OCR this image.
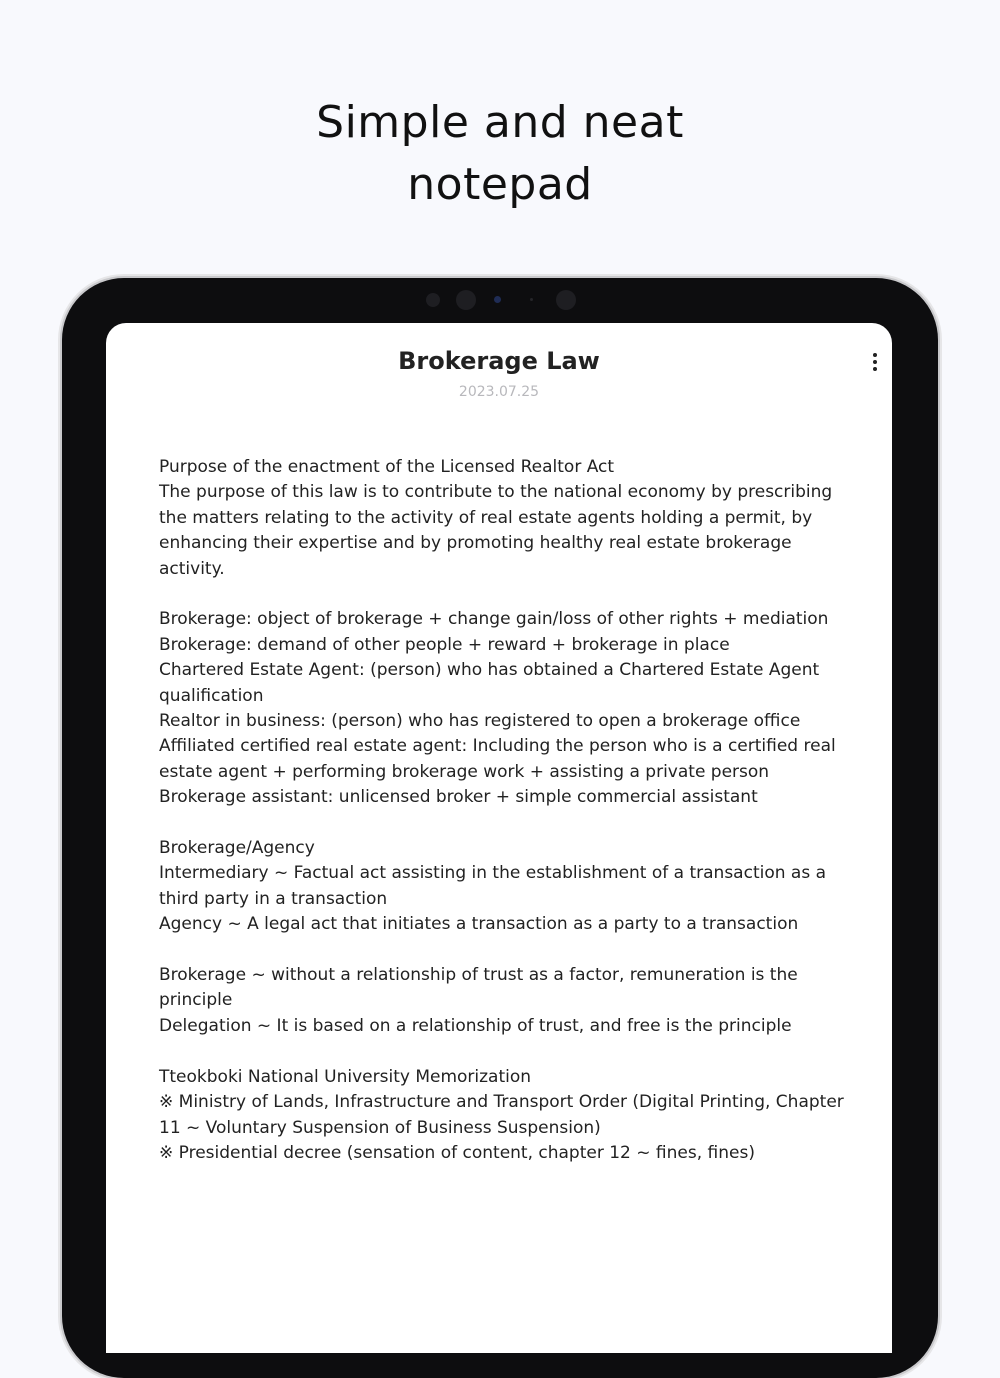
Simple and neat
notepad
Brokerage Law
2023.07.25

Purpose of the enactment of the Licensed Realtor Act

The purpose of this law is to contribute to the national economy by prescribing the matters relating to the activity of real estate agents holding a permit, by enhancing their expertise and by promoting healthy real estate brokerage activity.

Brokerage: object of brokerage + change gain/loss of other rights + mediation

Brokerage: demand of other people + reward + brokerage in place

Chartered Estate Agent: (person) who has obtained a Chartered Estate Agent qualification

Realtor in business: (person) who has registered to open a brokerage office

Affiliated certified real estate agent: Including the person who is a certified real estate agent + performing brokerage work + assisting a private person

Brokerage assistant: unlicensed broker + simple commercial assistant

Brokerage/Agency

Intermediary ~ Factual act assisting in the establishment of a transaction as a third party in a transaction

Agency ~ A legal act that initiates a transaction as a party to a transaction

Brokerage ~ without a relationship of trust as a factor, remuneration is the principle

Delegation ~ It is based on a relationship of trust, and free is the principle

Tteokboki National University Memorization

※ Ministry of Lands, Infrastructure and Transport Order (Digital Printing, Chapter 11 ~ Voluntary Suspension of Business Suspension)

※ Presidential decree (sensation of content, chapter 12 ~ fines, fines)
